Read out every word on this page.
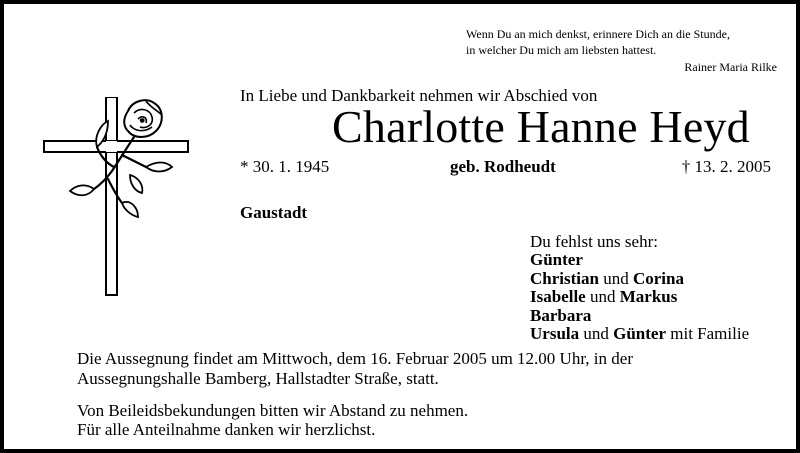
Wenn Du an mich denkst, erinnere Dich an die Stunde,
in welcher Du mich am liebsten hattest.
Rainer Maria Rilke
In Liebe und Dankbarkeit nehmen wir Abschied von
Charlotte Hanne Heyd
* 30. 1. 1945	geb. Rodheudt	† 13. 2. 2005
Gaustadt
Du fehlst uns sehr:
Günter
Christian und Corina
Isabelle und Markus
Barbara
Ursula und Günter mit Familie
Die Aussegnung findet am Mittwoch, dem 16. Februar 2005 um 12.00 Uhr, in der
Aussegnungshalle Bamberg, Hallstadter Straße, statt.
Von Beileidsbekundungen bitten wir Abstand zu nehmen.
Für alle Anteilnahme danken wir herzlichst.
